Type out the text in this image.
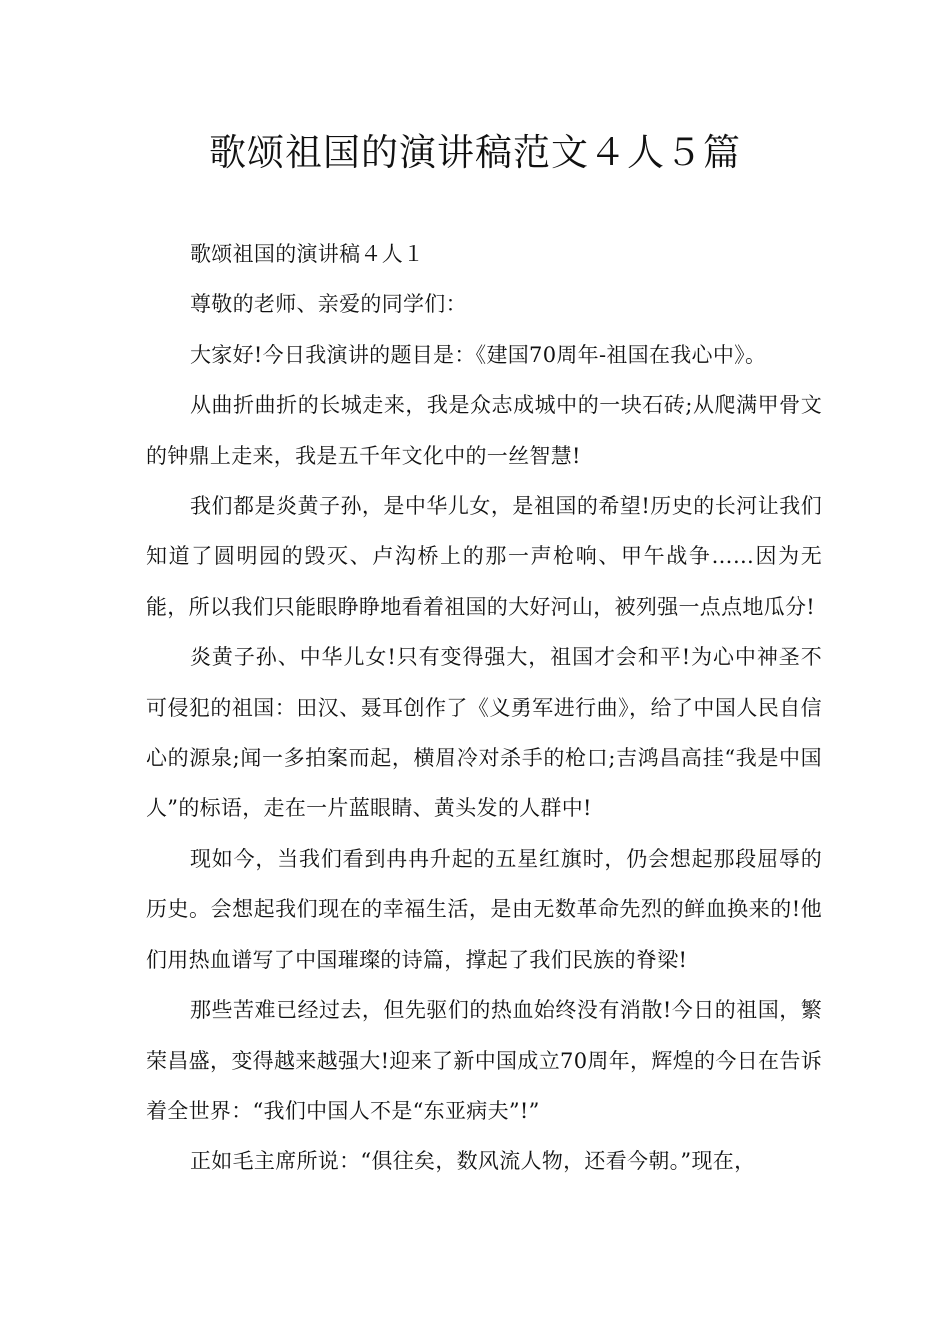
歌颂祖国的演讲稿范文４人５篇

歌颂祖国的演讲稿４人１

尊敬的老师、亲爱的同学们：

大家好!今日我演讲的题目是：《建国70周年-祖国在我心中》。

从曲折曲折的长城走来，我是众志成城中的一块石砖;从爬满甲骨文的钟鼎上走来，我是五千年文化中的一丝智慧!

我们都是炎黄子孙，是中华儿女，是祖国的希望!历史的长河让我们知道了圆明园的毁灭、卢沟桥上的那一声枪响、甲午战争……因为无能，所以我们只能眼睁睁地看着祖国的大好河山，被列强一点点地瓜分!

炎黄子孙、中华儿女!只有变得强大，祖国才会和平!为心中神圣不可侵犯的祖国：田汉、聂耳创作了《义勇军进行曲》，给了中国人民自信心的源泉;闻一多拍案而起，横眉冷对杀手的枪口;吉鸿昌高挂“我是中国人”的标语，走在一片蓝眼睛、黄头发的人群中!

现如今，当我们看到冉冉升起的五星红旗时，仍会想起那段屈辱的历史。会想起我们现在的幸福生活，是由无数革命先烈的鲜血换来的!他们用热血谱写了中国璀璨的诗篇，撑起了我们民族的脊梁!

那些苦难已经过去，但先驱们的热血始终没有消散!今日的祖国，繁荣昌盛，变得越来越强大!迎来了新中国成立70周年，辉煌的今日在告诉着全世界：“我们中国人不是“东亚病夫”!”

正如毛主席所说：“俱往矣，数风流人物，还看今朝。”现在，
